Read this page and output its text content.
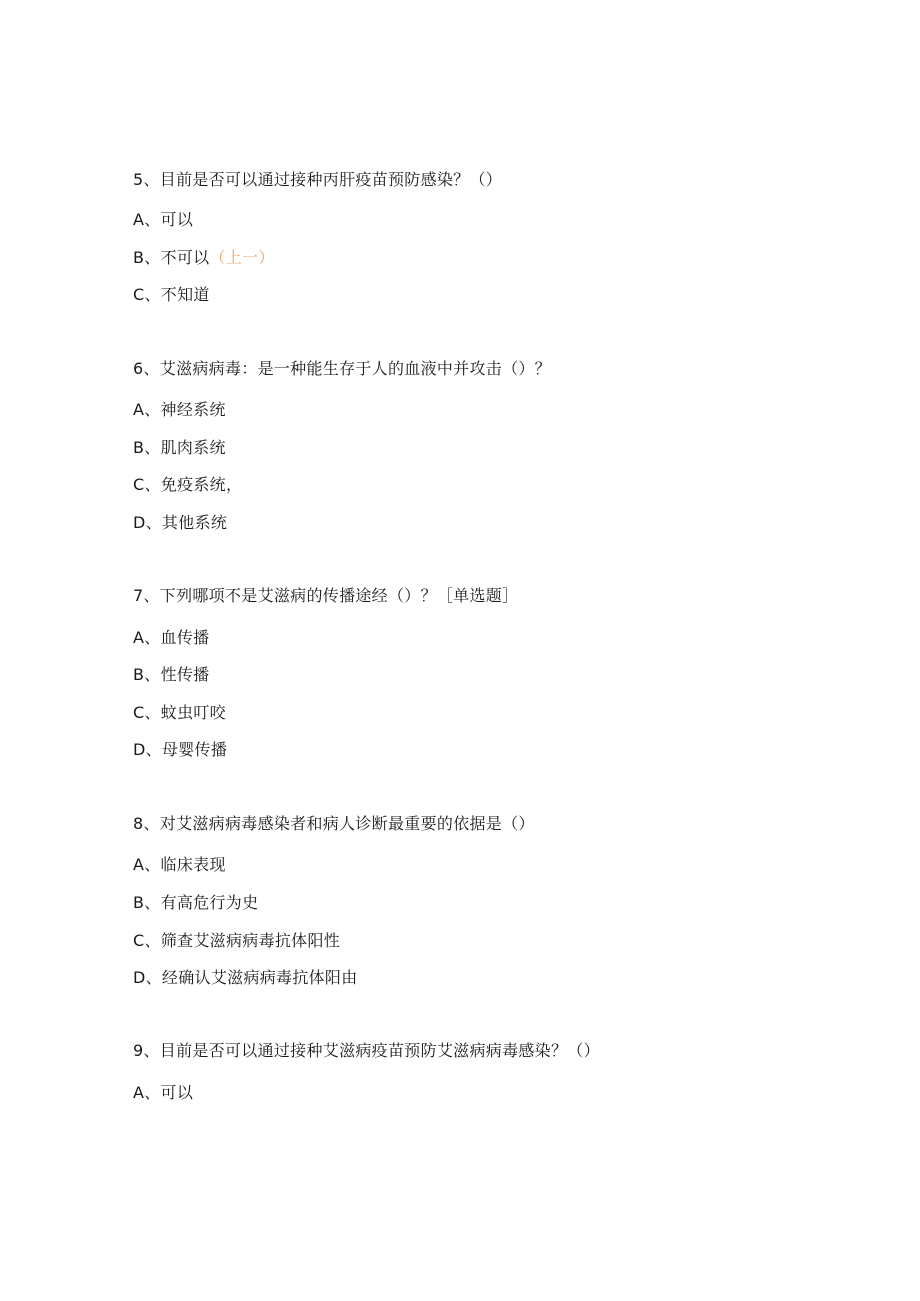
5、目前是否可以通过接种丙肝疫苗预防感染？（）
A、可以
B、不可以（上一）
C、不知道
6、艾滋病病毒：是一种能生存于人的血液中并攻击（）？
A、神经系统
B、肌肉系统
C、免疫系统，
D、其他系统
7、下列哪项不是艾滋病的传播途经（）？［单选题］
A、血传播
B、性传播
C、蚊虫叮咬
D、母婴传播
8、对艾滋病病毒感染者和病人诊断最重要的依据是（）
A、临床表现
B、有高危行为史
C、筛查艾滋病病毒抗体阳性
D、经确认艾滋病病毒抗体阳由
9、目前是否可以通过接种艾滋病疫苗预防艾滋病病毒感染？（）
A、可以
